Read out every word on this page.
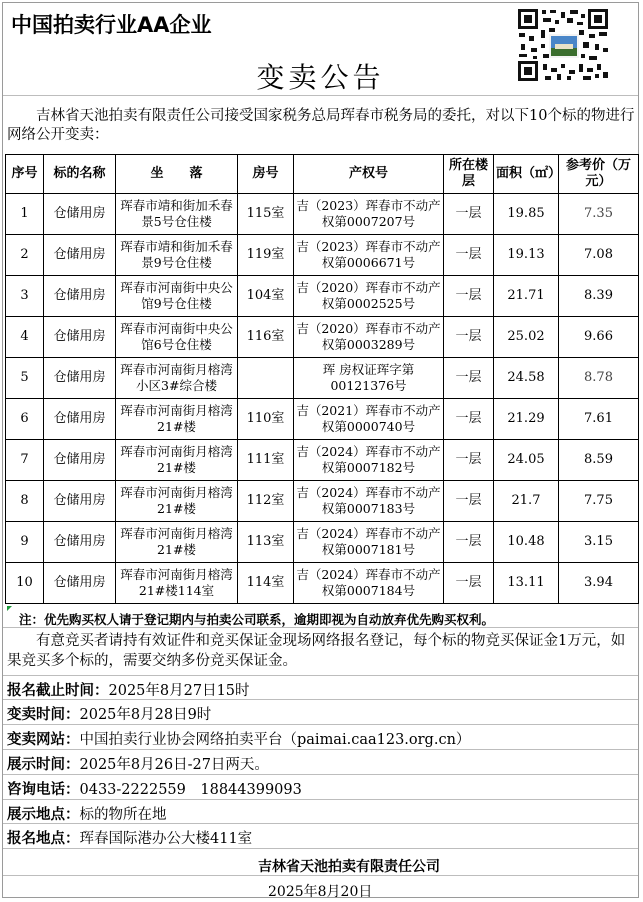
中国拍卖行业AA企业
变卖公告
吉林省天池拍卖有限责任公司接受国家税务总局珲春市税务局的委托，对以下10个标的物进行网络公开变卖：
序号	标的名称	坐　　落	房号	产权号	所在楼层	面积（㎡）	参考价（万元）
1	仓储用房	珲春市靖和街加禾春景5号仓住楼	115室	吉（2023）珲春市不动产权第0007207号	一层	19.85	7.35
2	仓储用房	珲春市靖和街加禾春景9号仓住楼	119室	吉（2023）珲春市不动产权第0006671号	一层	19.13	7.08
3	仓储用房	珲春市河南街中央公馆9号仓住楼	104室	吉（2020）珲春市不动产权第0002525号	一层	21.71	8.39
4	仓储用房	珲春市河南街中央公馆6号仓住楼	116室	吉（2020）珲春市不动产权第0003289号	一层	25.02	9.66
5	仓储用房	珲春市河南街月榕湾小区3#综合楼		珲 房权证珲字第00121376号	一层	24.58	8.78
6	仓储用房	珲春市河南街月榕湾21#楼	110室	吉（2021）珲春市不动产权第0000740号	一层	21.29	7.61
7	仓储用房	珲春市河南街月榕湾21#楼	111室	吉（2024）珲春市不动产权第0007182号	一层	24.05	8.59
8	仓储用房	珲春市河南街月榕湾21#楼	112室	吉（2024）珲春市不动产权第0007183号	一层	21.7	7.75
9	仓储用房	珲春市河南街月榕湾21#楼	113室	吉（2024）珲春市不动产权第0007181号	一层	10.48	3.15
10	仓储用房	珲春市河南街月榕湾21#楼114室	114室	吉（2024）珲春市不动产权第0007184号	一层	13.11	3.94
注：优先购买权人请于登记期内与拍卖公司联系，逾期即视为自动放弃优先购买权利。
有意竞买者请持有效证件和竞买保证金现场网络报名登记，每个标的物竞买保证金1万元，如果竞买多个标的，需要交纳多份竞买保证金。
报名截止时间：2025年8月27日15时
变卖时间：2025年8月28日9时
变卖网站：中国拍卖行业协会网络拍卖平台（paimai.caa123.org.cn）
展示时间：2025年8月26日-27日两天。
咨询电话：0433-2222559　18844399093
展示地点：标的物所在地
报名地点：珲春国际港办公大楼411室
吉林省天池拍卖有限责任公司
2025年8月20日
